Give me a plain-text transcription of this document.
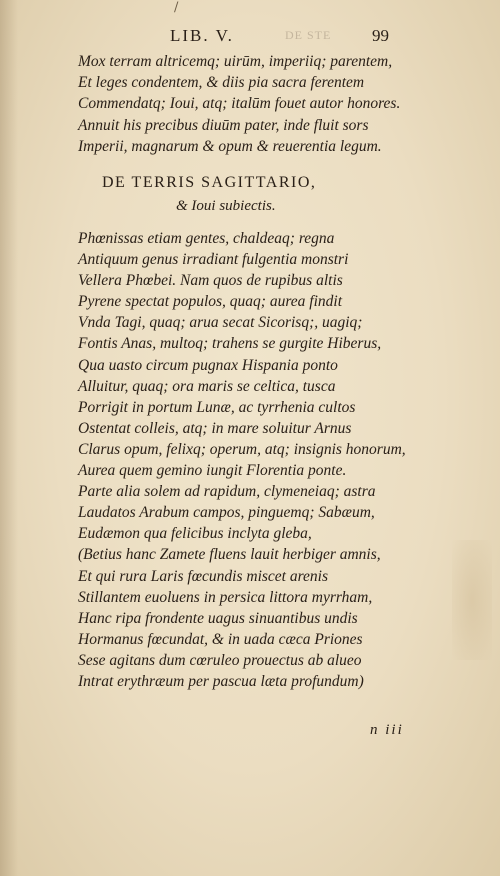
/
LIB. V.	DE STE 99
Mox terram altricemq; uirūm, imperiiq; parentem,
Et leges condentem, & diis pia sacra ferentem
Commendatq; Ioui, atq; italūm fouet autor honores.
Annuit his precibus diuūm pater, inde fluit sors
Imperii, magnarum & opum & reuerentia legum.
DE TERRIS SAGITTARIO,
& Ioui subiectis.
Phœnissas etiam gentes, chaldeaq; regna
Antiquum genus irradiant fulgentia monstri
Vellera Phœbei. Nam quos de rupibus altis
Pyrene spectat populos, quaq; aurea findit
Vnda Tagi, quaq; arua secat Sicorisq;, uagiq;
Fontis Anas, multoq; trahens se gurgite Hiberus,
Qua uasto circum pugnax Hispania ponto
Alluitur, quaq; ora maris se celtica, tusca
Porrigit in portum Lunæ, ac tyrrhenia cultos
Ostentat colleis, atq; in mare soluitur Arnus
Clarus opum, felixq; operum, atq; insignis honorum,
Aurea quem gemino iungit Florentia ponte.
Parte alia solem ad rapidum, clymeneiaq; astra
Laudatos Arabum campos, pinguemq; Sabæum,
Eudæmon qua felicibus inclyta gleba,
(Betius hanc Zamete fluens lauit herbiger amnis,
Et qui rura Laris fœcundis miscet arenis
Stillantem euoluens in persica littora myrrham,
Hanc ripa frondente uagus sinuantibus undis
Hormanus fœcundat, & in uada cæca Priones
Sese agitans dum cœruleo prouectus ab alueo
Intrat erythræum per pascua læta profundum)
n iii
